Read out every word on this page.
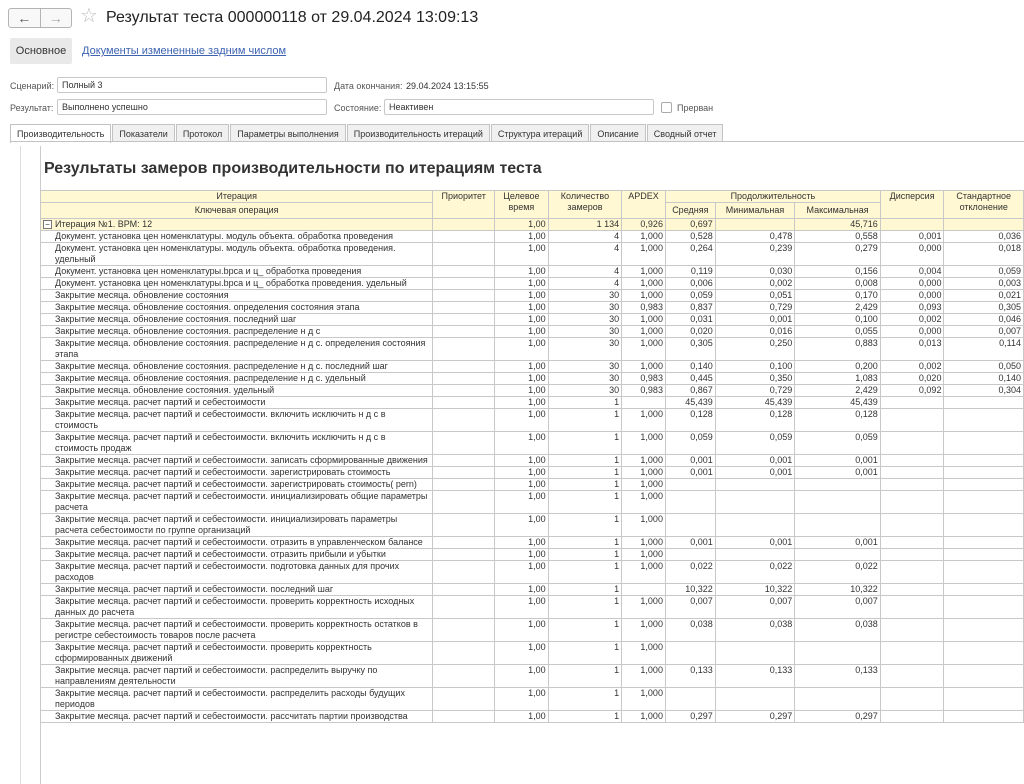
←	→ ☆ Результат теста 000000118 от 29.04.2024 13:09:13
Основное	Документы измененные задним числом
Сценарий: Полный 3	Дата окончания: 29.04.2024 13:15:55
Результат: Выполнено успешно	Состояние: Неактивен	Прерван
Производительность	Показатели	Протокол	Параметры выполнения	Производительность итераций	Структура итераций	Описание	Сводный отчет
Результаты замеров производительности по итерациям теста
Итерация	Приоритет	Целевое время	Количество замеров	APDEX	Продолжительность			Дисперсия	Стандартное отклонение
Ключевая операция					Средняя	Минимальная	Максимальная		

− Итерация №1. ВРМ: 12		1,00	1 134	0,926	0,697		45,716		
Документ. установка цен номенклатуры. модуль объекта. обработка проведения		1,00	4	1,000	0,528	0,478	0,558	0,001	0,036
Документ. установка цен номенклатуры. модуль объекта. обработка проведения. удельный		1,00	4	1,000	0,264	0,239	0,279	0,000	0,018
Документ. установка цен номенклатуры.bpca и ц_ обработка проведения		1,00	4	1,000	0,119	0,030	0,156	0,004	0,059
Документ. установка цен номенклатуры.bpca и ц_ обработка проведения. удельный		1,00	4	1,000	0,006	0,002	0,008	0,000	0,003
Закрытие месяца. обновление состояния		1,00	30	1,000	0,059	0,051	0,170	0,000	0,021
Закрытие месяца. обновление состояния. определения состояния этапа		1,00	30	0,983	0,837	0,729	2,429	0,093	0,305
Закрытие месяца. обновление состояния. последний шаг		1,00	30	1,000	0,031	0,001	0,100	0,002	0,046
Закрытие месяца. обновление состояния. распределение н д с		1,00	30	1,000	0,020	0,016	0,055	0,000	0,007
Закрытие месяца. обновление состояния. распределение н д с. определения состояния этапа		1,00	30	1,000	0,305	0,250	0,883	0,013	0,114
Закрытие месяца. обновление состояния. распределение н д с. последний шаг		1,00	30	1,000	0,140	0,100	0,200	0,002	0,050
Закрытие месяца. обновление состояния. распределение н д с. удельный		1,00	30	0,983	0,445	0,350	1,083	0,020	0,140
Закрытие месяца. обновление состояния. удельный		1,00	30	0,983	0,867	0,729	2,429	0,092	0,304
Закрытие месяца. расчет партий и себестоимости		1,00	1		45,439	45,439	45,439		
Закрытие месяца. расчет партий и себестоимости. включить исключить н д с в стоимость		1,00	1	1,000	0,128	0,128	0,128		
Закрытие месяца. расчет партий и себестоимости. включить исключить н д с в стоимость продаж		1,00	1	1,000	0,059	0,059	0,059		
Закрытие месяца. расчет партий и себестоимости. записать сформированные движения		1,00	1	1,000	0,001	0,001	0,001		
Закрытие месяца. расчет партий и себестоимости. зарегистрировать стоимость		1,00	1	1,000	0,001	0,001	0,001		
Закрытие месяца. расчет партий и себестоимости. зарегистрировать стоимость( pern)		1,00	1	1,000					
Закрытие месяца. расчет партий и себестоимости. инициализировать общие параметры расчета		1,00	1	1,000					
Закрытие месяца. расчет партий и себестоимости. инициализировать параметры расчета себестоимости по группе организаций		1,00	1	1,000					
Закрытие месяца. расчет партий и себестоимости. отразить в управленческом балансе		1,00	1	1,000	0,001	0,001	0,001		
Закрытие месяца. расчет партий и себестоимости. отразить прибыли и убытки		1,00	1	1,000					
Закрытие месяца. расчет партий и себестоимости. подготовка данных для прочих расходов		1,00	1	1,000	0,022	0,022	0,022		
Закрытие месяца. расчет партий и себестоимости. последний шаг		1,00	1		10,322	10,322	10,322		
Закрытие месяца. расчет партий и себестоимости. проверить корректность исходных данных до расчета		1,00	1	1,000	0,007	0,007	0,007		
Закрытие месяца. расчет партий и себестоимости. проверить корректность остатков в регистре себестоимость товаров после расчета		1,00	1	1,000	0,038	0,038	0,038		
Закрытие месяца. расчет партий и себестоимости. проверить корректность сформированных движений		1,00	1	1,000					
Закрытие месяца. расчет партий и себестоимости. распределить выручку по направлениям деятельности		1,00	1	1,000	0,133	0,133	0,133		
Закрытие месяца. расчет партий и себестоимости. распределить расходы будущих периодов		1,00	1	1,000					
Закрытие месяца. расчет партий и себестоимости. рассчитать партии производства		1,00	1	1,000	0,297	0,297	0,297		
